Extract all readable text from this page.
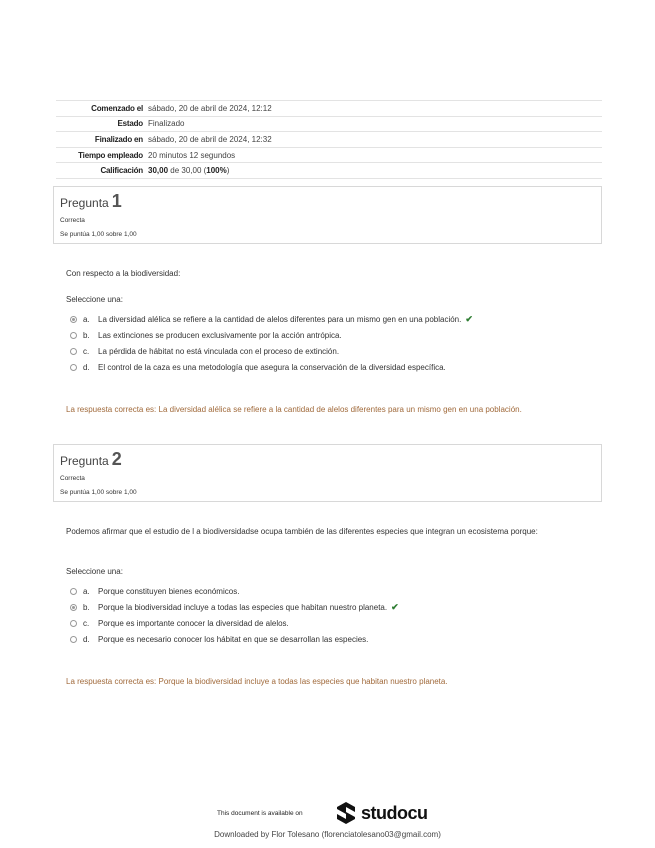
Comenzado el sábado, 20 de abril de 2024, 12:12
Estado Finalizado
Finalizado en sábado, 20 de abril de 2024, 12:32
Tiempo empleado 20 minutos 12 segundos
Calificación 30,00 de 30,00 (100%)
Pregunta 1
Correcta
Se puntúa 1,00 sobre 1,00
Con respecto a la biodiversidad:
Seleccione una:
a.	La diversidad alélica se refiere a la cantidad de alelos diferentes para un mismo gen en una población. ✔
b.	Las extinciones se producen exclusivamente por la acción antrópica.
c.	La pérdida de hábitat no está vinculada con el proceso de extinción.
d.	El control de la caza es una metodología que asegura la conservación de la diversidad específica.
La respuesta correcta es: La diversidad alélica se refiere a la cantidad de alelos diferentes para un mismo gen en una población.
Pregunta 2
Correcta
Se puntúa 1,00 sobre 1,00
Podemos afirmar que el estudio de l a biodiversidadse ocupa también de las diferentes especies que integran un ecosistema porque:
Seleccione una:
a.	Porque constituyen bienes económicos.
b.	Porque la biodiversidad incluye a todas las especies que habitan nuestro planeta. ✔
c.	Porque es importante conocer la diversidad de alelos.
d.	Porque es necesario conocer los hábitat en que se desarrollan las especies.
La respuesta correcta es: Porque la biodiversidad incluye a todas las especies que habitan nuestro planeta.
This document is available on	studocu
Downloaded by Flor Tolesano (florenciatolesano03@gmail.com)
